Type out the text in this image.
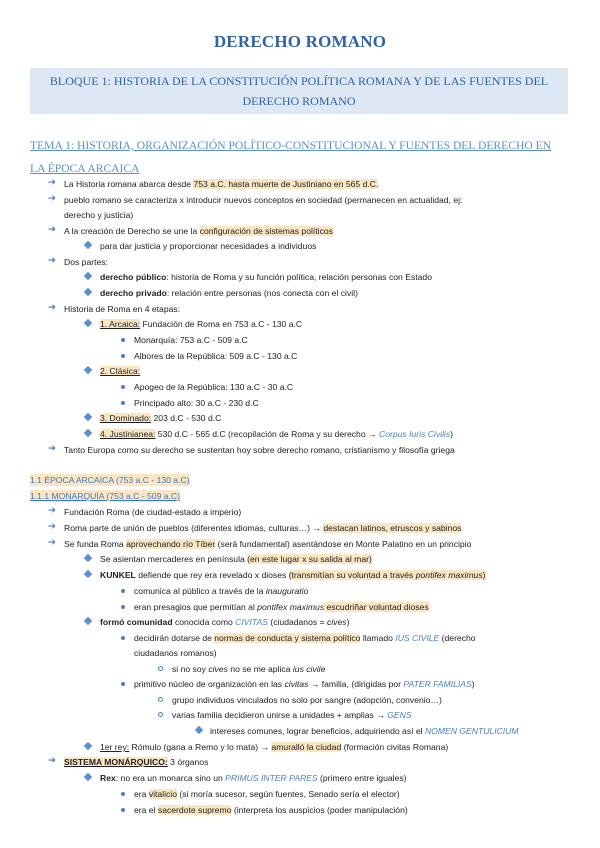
DERECHO ROMANO
BLOQUE 1: HISTORIA DE LA CONSTITUCIÓN POLÍTICA ROMANA Y DE LAS FUENTES DEL
DERECHO ROMANO
TEMA 1: HISTORIA, ORGANIZACIÓN POLÍTICO-CONSTITUCIONAL Y FUENTES DEL DERECHO EN
LA ÉPOCA ARCAICA
➔ La Historia romana abarca desde 753 a.C. hasta muerte de Justiniano en 565 d.C.
➔ pueblo romano se caracteriza x introducir nuevos conceptos en sociedad (permanecen en actualidad, ej:
derecho y justicia)
➔ A la creación de Derecho se une la configuración de sistemas políticos
para dar justicia y proporcionar necesidades a individuos
➔ Dos partes:
derecho público: historia de Roma y su función política, relación personas con Estado
derecho privado: relación entre personas (nos conecta con el civil)
➔ Historia de Roma en 4 etapas:
1. Arcaica: Fundación de Roma en 753 a.C - 130 a.C
Monarquía: 753 a.C - 509 a.C
Albores de la República: 509 a.C - 130 a.C
2. Clásica:
Apogeo de la República: 130 a.C - 30 a.C
Principado alto: 30 a.C - 230 d.C
3. Dominado: 203 d.C - 530 d.C
4. Justinianea: 530 d.C - 565 d.C (recopilación de Roma y su derecho → Corpus Iuris Civilis)
➔ Tanto Europa como su derecho se sustentan hoy sobre derecho romano, cristianismo y filosofía griega
1.1 ÉPOCA ARCAICA (753 a.C - 130 a.C)
1.1.1 MONARQUÍA (753 a.C - 509 a.C)
➔ Fundación Roma (de ciudad-estado a imperio)
➔ Roma parte de unión de pueblos (diferentes idiomas, culturas…) → destacan latinos, etruscos y sabinos
➔ Se funda Roma aprovechando río Tíber (será fundamental) asentándose en Monte Palatino en un principio
Se asientan mercaderes en península (en este lugar x su salida al mar)
KUNKEL defiende que rey era revelado x dioses (transmitían su voluntad a través pontifex maximus)
comunica al público a través de la inauguratio
eran presagios que permitían al pontifex maximus escudriñar voluntad dioses
formó comunidad conocida como CIVITAS (ciudadanos = cives)
decidirán dotarse de normas de conducta y sistema político llamado IUS CIVILE (derecho
ciudadanos romanos)
si no soy cives no se me aplica ius civile
primitivo núcleo de organización en las civitas → familia, (dirigidas por PATER FAMILIAS)
grupo individuos vinculados no solo por sangre (adopción, convenio…)
varias familia decidieron unirse a unidades + amplias → GENS
intereses comunes, lograr beneficios, adquiriendo así el NOMEN GENTULICIUM
1er rey: Rómulo (gana a Remo y lo mata) → amuralló la ciudad (formación civitas Romana)
➔ SISTEMA MONÁRQUICO: 3 órganos
Rex: no era un monarca sino un PRIMUS INTER PARES (primero entre iguales)
era vitalicio (si moría sucesor, según fuentes, Senado sería el elector)
era el sacerdote supremo (interpreta los auspicios (poder manipulación)
